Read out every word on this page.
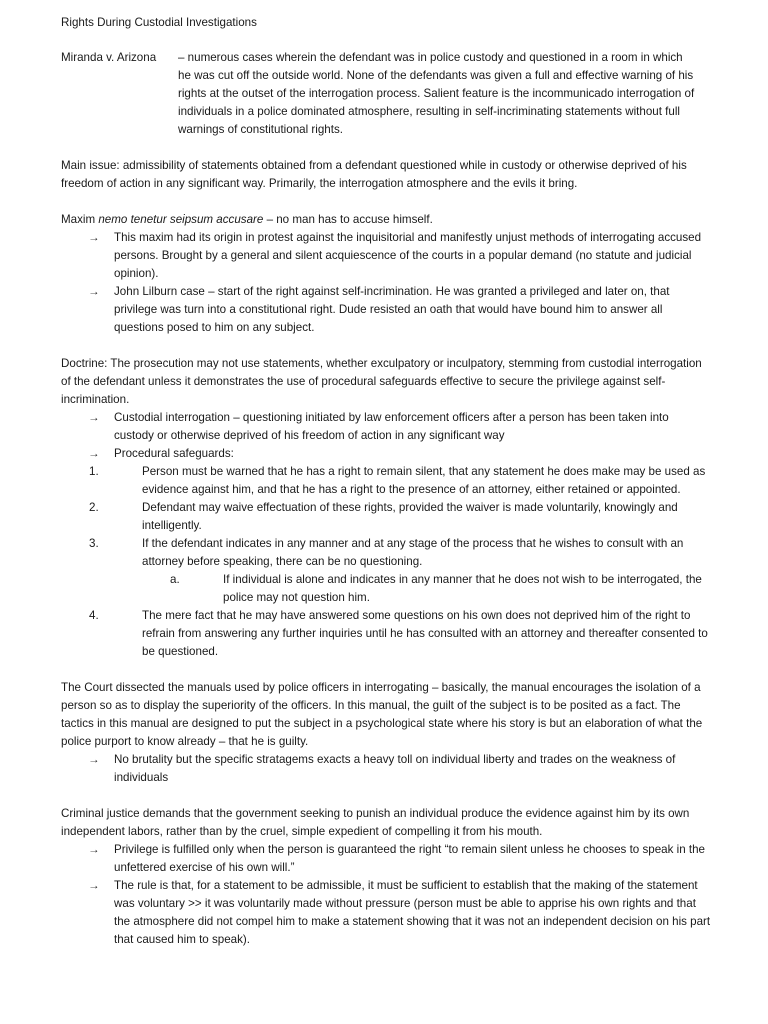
Rights During Custodial Investigations

Miranda v. Arizona	– numerous cases wherein the defendant was in police custody and questioned in a room in which

he was cut off the outside world. None of the defendants was given a full and effective warning of his rights at the outset of the interrogation process. Salient feature is the incommunicado interrogation of individuals in a police dominated atmosphere, resulting in self-incriminating statements without full warnings of constitutional rights.

Main issue: admissibility of statements obtained from a defendant questioned while in custody or otherwise deprived of his freedom of action in any significant way. Primarily, the interrogation atmosphere and the evils it bring.

Maxim nemo tenetur seipsum accusare – no man has to accuse himself.

→ This maxim had its origin in protest against the inquisitorial and manifestly unjust methods of interrogating accused persons. Brought by a general and silent acquiescence of the courts in a popular demand (no statute and judicial opinion).
→ John Lilburn case – start of the right against self-incrimination. He was granted a privileged and later on, that privilege was turn into a constitutional right. Dude resisted an oath that would have bound him to answer all questions posed to him on any subject.

Doctrine: The prosecution may not use statements, whether exculpatory or inculpatory, stemming from custodial interrogation of the defendant unless it demonstrates the use of procedural safeguards effective to secure the privilege against self-incrimination.

→ Custodial interrogation – questioning initiated by law enforcement officers after a person has been taken into custody or otherwise deprived of his freedom of action in any significant way
→ Procedural safeguards:
1.	Person must be warned that he has a right to remain silent, that any statement he does make may be used as evidence against him, and that he has a right to the presence of an attorney, either retained or appointed.
2.	Defendant may waive effectuation of these rights, provided the waiver is made voluntarily, knowingly and intelligently.
3.	If the defendant indicates in any manner and at any stage of the process that he wishes to consult with an attorney before speaking, there can be no questioning.
a.	If individual is alone and indicates in any manner that he does not wish to be interrogated, the police may not question him.
4.	The mere fact that he may have answered some questions on his own does not deprived him of the right to refrain from answering any further inquiries until he has consulted with an attorney and thereafter consented to be questioned.

The Court dissected the manuals used by police officers in interrogating – basically, the manual encourages the isolation of a person so as to display the superiority of the officers. In this manual, the guilt of the subject is to be posited as a fact. The tactics in this manual are designed to put the subject in a psychological state where his story is but an elaboration of what the police purport to know already – that he is guilty.

→ No brutality but the specific stratagems exacts a heavy toll on individual liberty and trades on the weakness of individuals

Criminal justice demands that the government seeking to punish an individual produce the evidence against him by its own independent labors, rather than by the cruel, simple expedient of compelling it from his mouth.

→ Privilege is fulfilled only when the person is guaranteed the right “to remain silent unless he chooses to speak in the unfettered exercise of his own will.”
→ The rule is that, for a statement to be admissible, it must be sufficient to establish that the making of the statement was voluntary >> it was voluntarily made without pressure (person must be able to apprise his own rights and that the atmosphere did not compel him to make a statement showing that it was not an independent decision on his part that caused him to speak).
